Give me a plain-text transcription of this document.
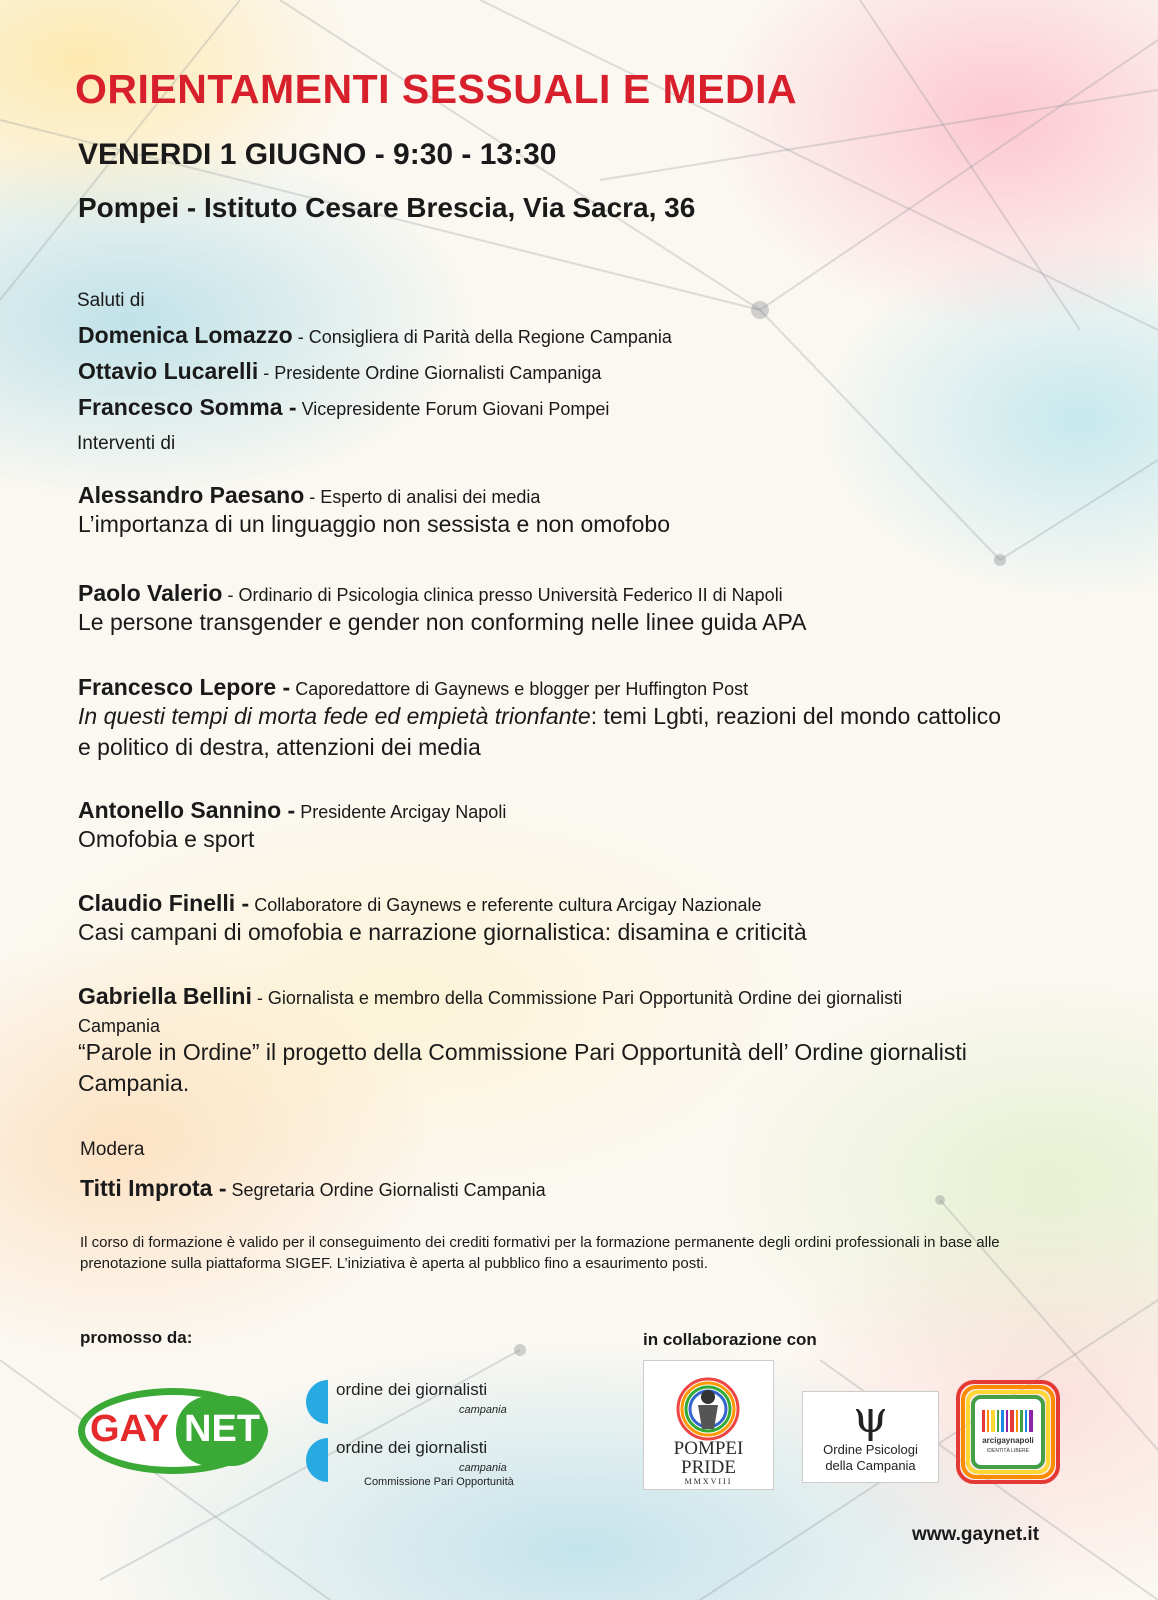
ORIENTAMENTI SESSUALI E MEDIA
VENERDI 1 GIUGNO - 9:30 - 13:30
Pompei - Istituto Cesare Brescia, Via Sacra, 36
Saluti di
Domenica Lomazzo - Consigliera di Parità della Regione Campania
Ottavio Lucarelli - Presidente Ordine Giornalisti Campaniga
Francesco Somma - Vicepresidente Forum Giovani Pompei
Interventi di
Alessandro Paesano - Esperto di analisi dei media
L’importanza di un linguaggio non sessista e non omofobo
Paolo Valerio - Ordinario di Psicologia clinica presso Università Federico II di Napoli
Le persone transgender e gender non conforming nelle linee guida APA
Francesco Lepore - Caporedattore di Gaynews e blogger per Huffington Post
In questi tempi di morta fede ed empietà trionfante: temi Lgbti, reazioni del mondo cattolico e politico di destra, attenzioni dei media
Antonello Sannino - Presidente Arcigay Napoli
Omofobia e sport
Claudio Finelli - Collaboratore di Gaynews e referente cultura Arcigay Nazionale
Casi campani di omofobia e narrazione giornalistica: disamina e criticità
Gabriella Bellini - Giornalista e membro della Commissione Pari Opportunità Ordine dei giornalisti
Campania
“Parole in Ordine” il progetto della Commissione Pari Opportunità dell’ Ordine giornalisti Campania.
Modera
Titti Improta - Segretaria Ordine Giornalisti Campania
Il corso di formazione è valido per il conseguimento dei crediti formativi per la formazione permanente degli ordini professionali in base alle prenotazione sulla piattaforma SIGEF. L’iniziativa è aperta al pubblico fino a esaurimento posti.
promosso da:	in collaborazione con
GAY NET
ordine dei giornalisti
campania
ordine dei giornalisti
campania
Commissione Pari Opportunità
POMPEI
PRIDE
MMXVIII
ψ
Ordine Psicologi
della Campania
arcigaynapoli
IDENTITÀ LIBERE
www.gaynet.it
